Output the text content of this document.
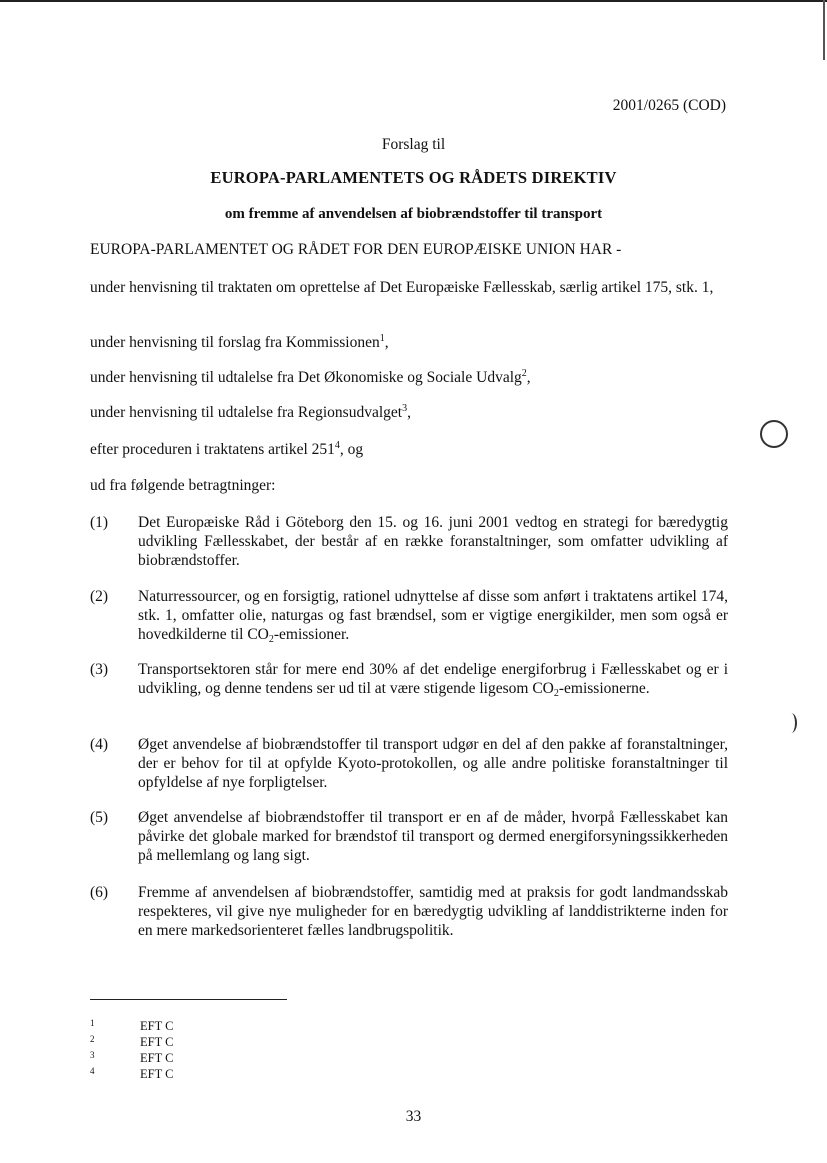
2001/0265 (COD)
Forslag til
EUROPA-PARLAMENTETS OG RÅDETS DIREKTIV
om fremme af anvendelsen af biobrændstoffer til transport
EUROPA-PARLAMENTET OG RÅDET FOR DEN EUROPÆISKE UNION HAR -
under henvisning til traktaten om oprettelse af Det Europæiske Fællesskab, særlig artikel 175, stk. 1,
under henvisning til forslag fra Kommissionen$^1$,
under henvisning til udtalelse fra Det Økonomiske og Sociale Udvalg$^2$,
under henvisning til udtalelse fra Regionsudvalget$^3$,
efter proceduren i traktatens artikel $251^4$, og
ud fra følgende betragtninger:
(1)	Det Europæiske Råd i Göteborg den 15. og 16. juni 2001 vedtog en strategi for bæredygtig udvikling Fællesskabet, der består af en række foranstaltninger, som omfatter udvikling af biobrændstoffer.
(2)	Naturressourcer, og en forsigtig, rationel udnyttelse af disse som anført i traktatens artikel 174, stk. 1, omfatter olie, naturgas og fast brændsel, som er vigtige energikilder, men som også er hovedkilderne til $CO_2$-emissioner.
(3)	Transportsektoren står for mere end 30% af det endelige energiforbrug i Fællesskabet og er i udvikling, og denne tendens ser ud til at være stigende ligesom $CO_2$-emissionerne.
(4)	Øget anvendelse af biobrændstoffer til transport udgør en del af den pakke af foranstaltninger, der er behov for til at opfylde Kyoto-protokollen, og alle andre politiske foranstaltninger til opfyldelse af nye forpligtelser.
(5)	Øget anvendelse af biobrændstoffer til transport er en af de måder, hvorpå Fællesskabet kan påvirke det globale marked for brændstof til transport og dermed energiforsyningssikkerheden på mellemlang og lang sigt.
(6)	Fremme af anvendelsen af biobrændstoffer, samtidig med at praksis for godt landmandsskab respekteres, vil give nye muligheder for en bæredygtig udvikling af landdistrikterne inden for en mere markedsorienteret fælles landbrugspolitik.
1	EFT C
2	EFT C
3	EFT C
4	EFT C
33
